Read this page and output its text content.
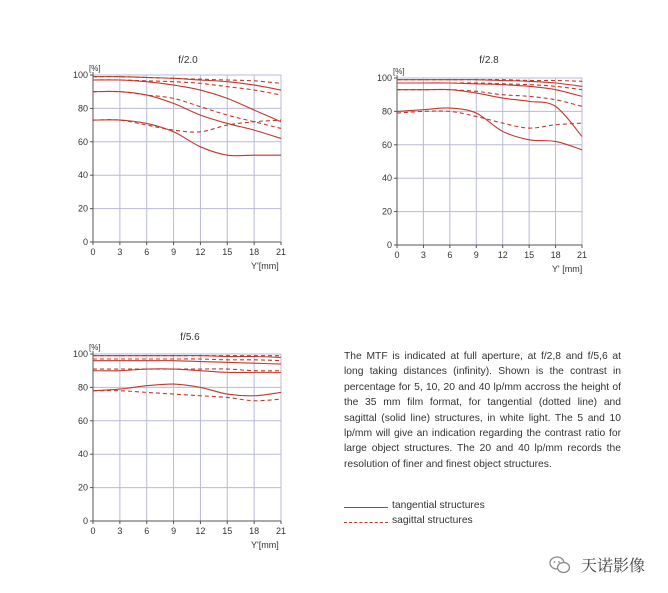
0
20
40
60
80
100
0 3 6 9 12 15 18 21
f/2.0
[%]
Y'[mm]
0
20
40
60
80
100
0 3 6 9 12 15 18 21
f/2.8
[%]
Y' [mm]
0
20
40
60
80
100
0 3 6 9 12 15 18 21
f/5.6
[%]
Y'[mm]
The MTF is indicated at full aperture, at f/2,8 and f/5,6 at long taking distances (infinity). Shown is the contrast in percentage for 5, 10, 20 and 40 lp/mm accross the height of the 35 mm film format, for tangential (dotted line) and sagittal (solid line) structures, in white light. The 5 and 10 lp/mm will give an indication regarding the contrast ratio for large object structures. The 20 and 40 lp/mm records the resolution of finer and finest object structures.
tangential structures
sagittal structures
天诺影像
